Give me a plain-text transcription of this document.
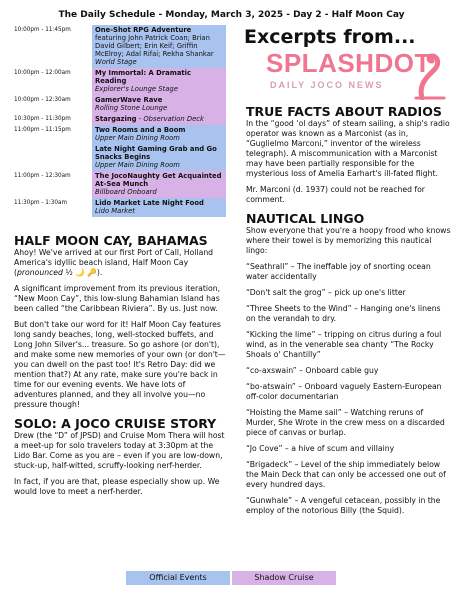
The Daily Schedule - Monday, March 3, 2025 - Day 2 - Half Moon Cay
10:00pm - 11:45pm	One-Shot RPG Adventure
featuring John Patrick Coan; Brian David Gilbert; Erin Keif; Griffin McElroy; Adal Rifai; Rekha Shankar
World Stage
10:00pm - 12:00am	My Immortal: A Dramatic Reading
Explorer's Lounge Stage
10:00pm - 12:30am	GamerWave Rave
Rolling Stone Lounge
10:30pm - 11:30pm	Stargazing - Observation Deck
11:00pm - 11:15pm	Two Rooms and a Boom
Upper Main Dining Room
Late Night Gaming Grab and Go Snacks Begins
Upper Main Dining Room
11:00pm - 12:30am	The JocoNaughty Get Acquainted At-Sea Munch
Billboard Onboard
11:30pm - 1:30am	Lido Market Late Night Food
Lido Market
Excerpts from...
SPLASHDOT
DAILY JOCO NEWS
TRUE FACTS ABOUT RADIOS

In the “good ‘ol days” of steam sailing, a ship's radio operator was known as a Marconist (as in, “Guglielmo Marconi,” inventor of the wireless telegraph). A miscommunication with a Marconist may have been partially responsible for the mysterious loss of Amelia Earhart's ill-fated flight.

Mr. Marconi (d. 1937) could not be reached for comment.

NAUTICAL LINGO

Show everyone that you're a hoopy frood who knows where their towel is by memorizing this nautical lingo:

“Seathrall” – The ineffable joy of snorting ocean water accidentally

“Don't salt the grog” – pick up one's litter

“Three Sheets to the Wind” – Hanging one's linens on the verandah to dry.

“Kicking the lime” – tripping on citrus during a foul wind, as in the venerable sea chanty “The Rocky Shoals o' Chantilly”

“co-axswain” – Onboard cable guy

“bo-atswain” – Onboard vaguely Eastern-European off-color documentarian

“Hoisting the Mame sail” – Watching reruns of Murder, She Wrote in the crew mess on a discarded piece of canvas or burlap.

“Jo Cove” – a hive of scum and villainy

“Brigadeck” – Level of the ship immediately below the Main Deck that can only be accessed one out of every hundred days.

“Gunwhale” – A vengeful cetacean, possibly in the employ of the notorious Billy (the Squid).

HALF MOON CAY, BAHAMAS

Ahoy! We've arrived at our first Port of Call, Holland America's idyllic beach island, Half Moon Cay (pronounced ½ 🌙 🔑).

A significant improvement from its previous iteration, “New Moon Cay”, this low-slung Bahamian Island has been called “the Caribbean Riviera”. By us. Just now.

But don't take our word for it! Half Moon Cay features long sandy beaches, long, well-stocked buffets, and Long John Silver's... treasure. So go ashore (or don't), and make some new memories of your own (or don't—you can dwell on the past too! It's Retro Day: did we mention that?) At any rate, make sure you're back in time for our evening events. We have lots of adventures planned, and they all involve you—no pressure though!

SOLO: A JOCO CRUISE STORY

Drew (the “D” of JPSD) and Cruise Mom Thera will host a meet-up for solo travelers today at 3:30pm at the Lido Bar. Come as you are – even if you are low-down, stuck-up, half-witted, scruffy-looking nerf-herder.

In fact, if you are that, please especially show up. We would love to meet a nerf-herder.

Official Events	Shadow Cruise
